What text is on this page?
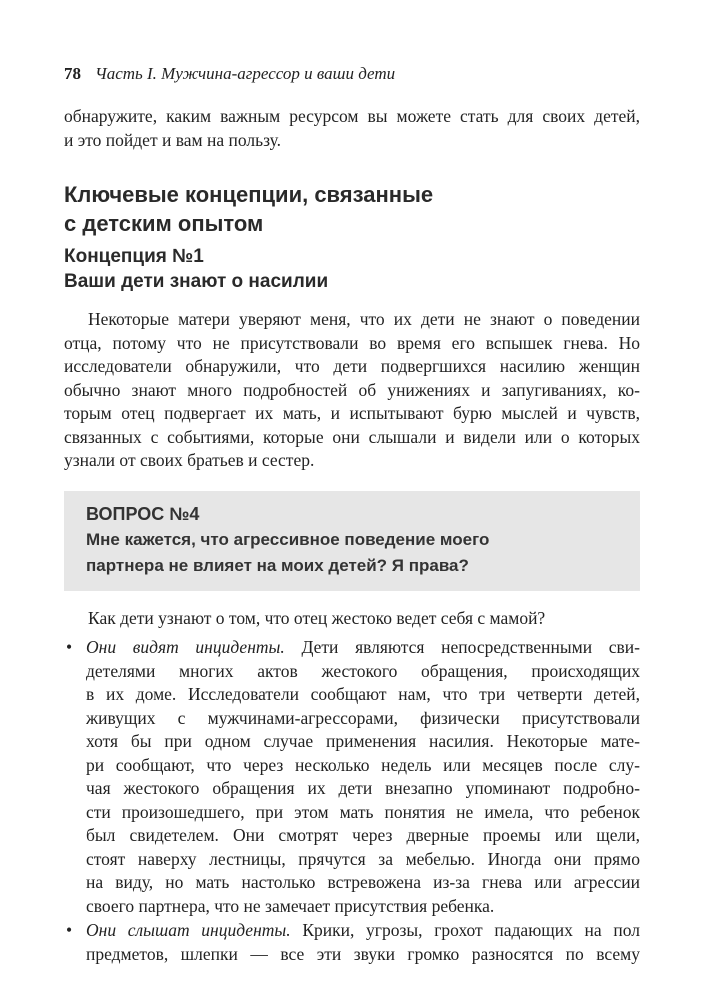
78 Часть I. Мужчина-агрессор и ваши дети
обнаружите, каким важным ресурсом вы можете стать для своих детей,
и это пойдет и вам на пользу.
Ключевые концепции, связанные
с детским опытом
Концепция №1
Ваши дети знают о насилии
Некоторые матери уверяют меня, что их дети не знают о поведении
отца, потому что не присутствовали во время его вспышек гнева. Но
исследователи обнаружили, что дети подвергшихся насилию женщин
обычно знают много подробностей об унижениях и запугиваниях, ко-
торым отец подвергает их мать, и испытывают бурю мыслей и чувств,
связанных с событиями, которые они слышали и видели или о которых
узнали от своих братьев и сестер.
ВОПРОС №4
Мне кажется, что агрессивное поведение моего
партнера не влияет на моих детей? Я права?
Как дети узнают о том, что отец жестоко ведет себя с мамой?
• Они видят инциденты. Дети являются непосредственными сви-
детелями многих актов жестокого обращения, происходящих
в их доме. Исследователи сообщают нам, что три четверти детей,
живущих с мужчинами-агрессорами, физически присутствовали
хотя бы при одном случае применения насилия. Некоторые мате-
ри сообщают, что через несколько недель или месяцев после слу-
чая жестокого обращения их дети внезапно упоминают подробно-
сти произошедшего, при этом мать понятия не имела, что ребенок
был свидетелем. Они смотрят через дверные проемы или щели,
стоят наверху лестницы, прячутся за мебелью. Иногда они прямо
на виду, но мать настолько встревожена из-за гнева или агрессии
своего партнера, что не замечает присутствия ребенка.
• Они слышат инциденты. Крики, угрозы, грохот падающих на пол
предметов, шлепки — все эти звуки громко разносятся по всему
